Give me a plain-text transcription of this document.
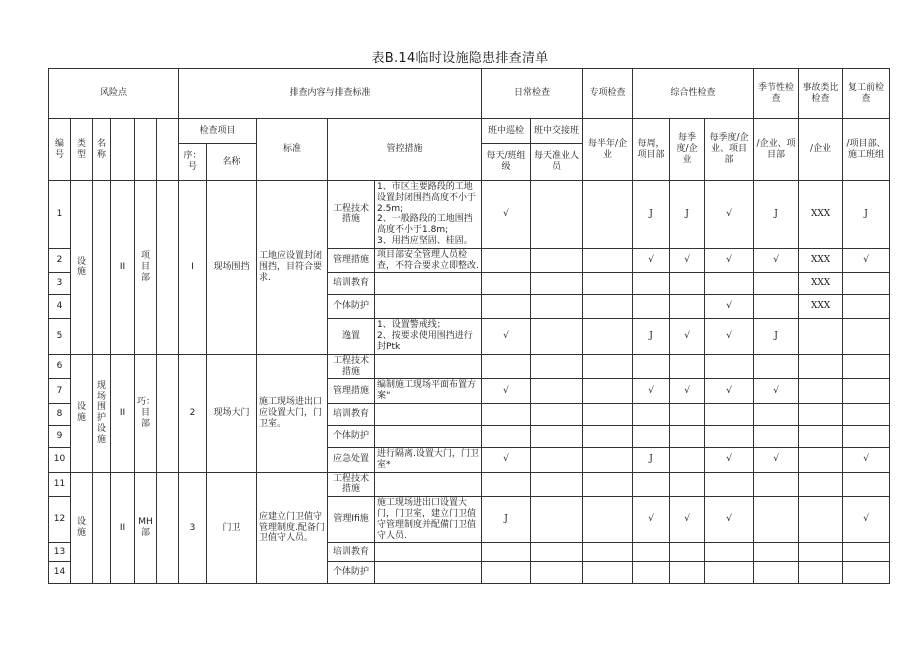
表B.14临时设施隐患排查清单
风险点						排查内容与排查标准					日常检查		专项检查	综合性检查			季节性检查	事故类比检查	复工前检查
编号	类型	名称				检查项目		标准	管控措施		班中巡检	班中交接班	每半年/企业	每周，项目部	每季度/企业	每季度/企业、项目部	/企业、项目部	/企业	/项目部、施工班组
						序：号	名称				每天/班组级	每天准业人员							
1	设施		II	项目部		I	现场围挡	工地应设置封闭围挡，目符合要求.	工程技术措施	1、市区主要路段的工地设置封闭围挡高度不小于
2.5m;
2、一般路段的工地围挡高度不小于1.8m;
3、用挡应坚固、桂固。	√			J	J	√	J	XXX	J
2									管理措施	项目部安全管理人员检查，不符合要求立即整改.				√	√	√	√	XXX	√
3									培训教育									XXX	
4									个体防护							√		XXX	
5									逸置	1、设置警戒线；
2、按要求使用围挡进行封Ptk	√			J	√	√	J		
6	设施	现场围护设施	II	巧：目部		2	现场大门	施工现场进出口应设置大门，门卫室。	工程技术措施										
7									管理措施	编制施工现场平面布置方案“	√			√	√	√	√		
8									培训教育										
9									个体防护										
10									应急处置	进行隔离.设置大门，门卫室*	√			J		√	√		√
11	设施		II	MH部		3	门卫	应建立门卫值守管理制度.配备门卫值守人员。	工程技术措施										
12									管理Ifi施	施工现场进出口设置大门，门卫室，建立门卫值守管理制度并配備门卫值守人员.	J			√	√	√			√
13									培训教育										
14									个体防护										
